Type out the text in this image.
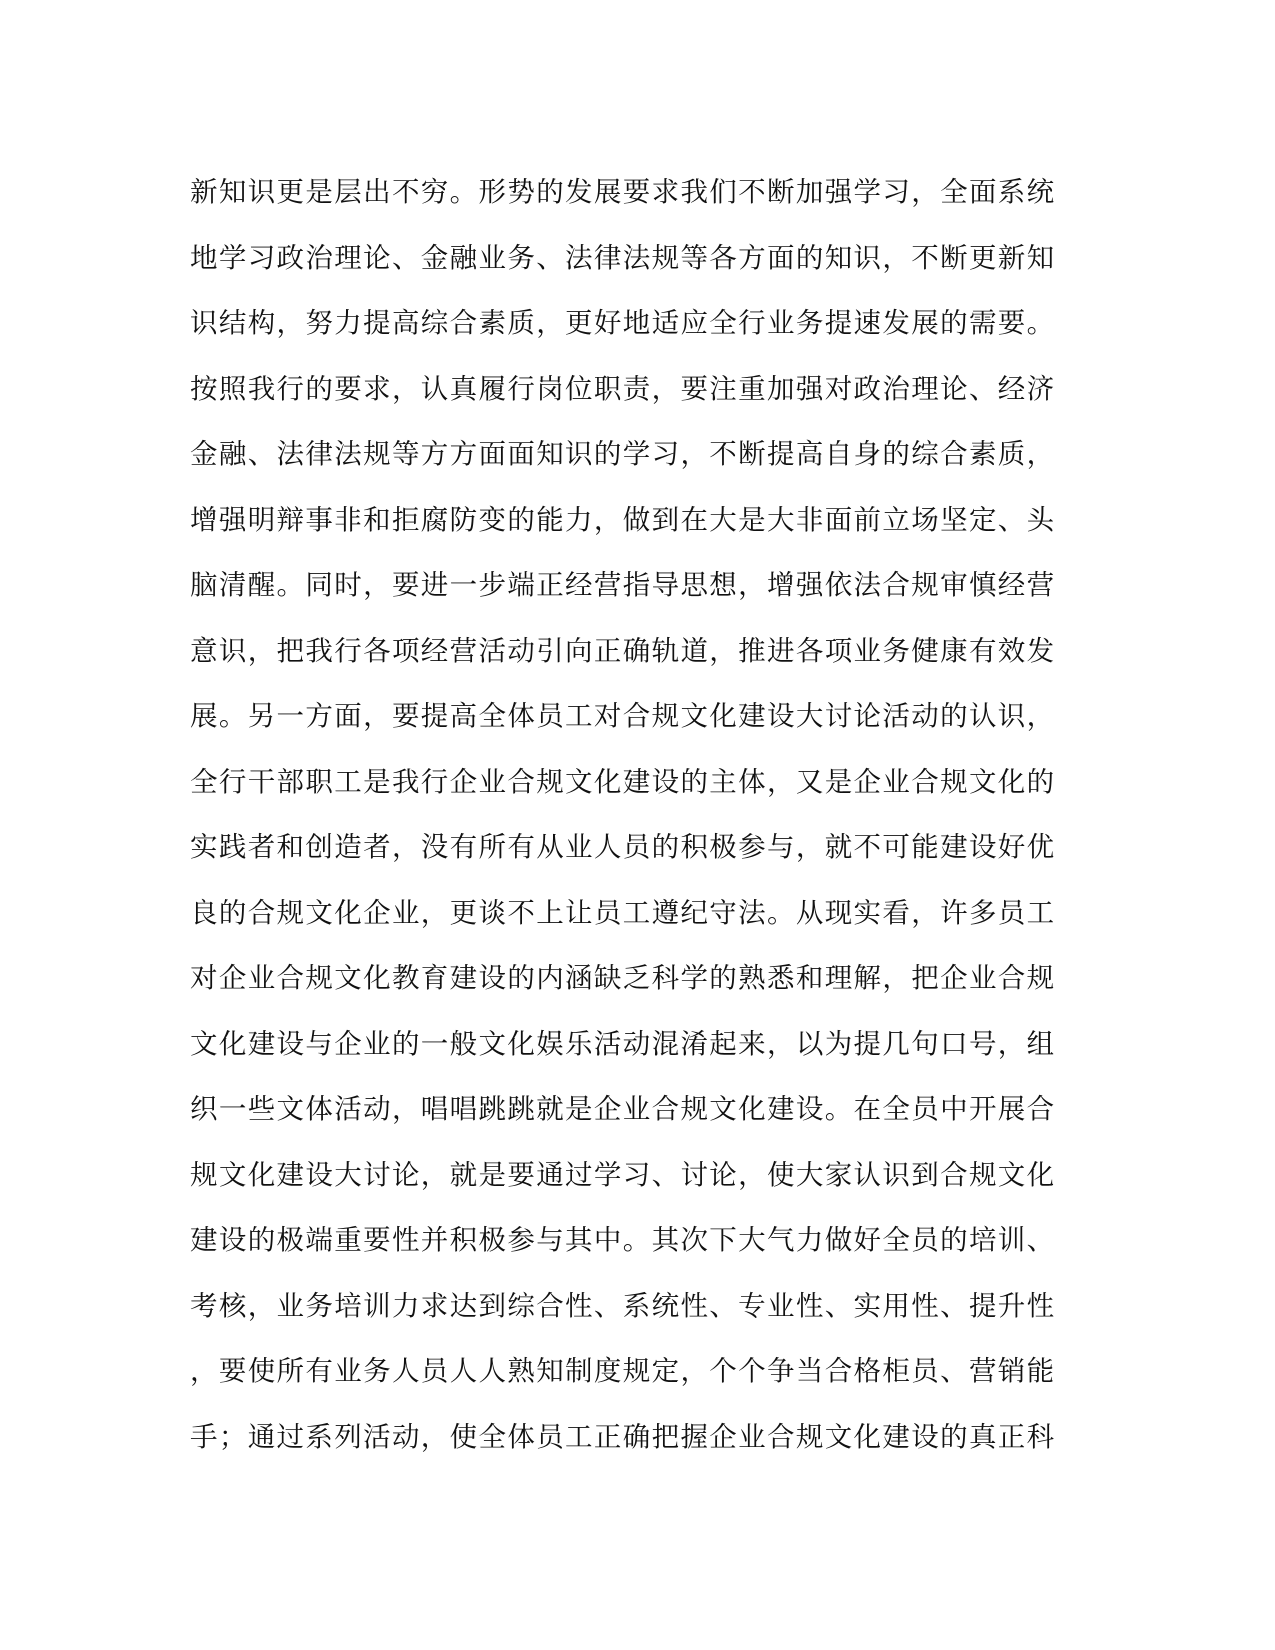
新知识更是层出不穷。形势的发展要求我们不断加强学习，全面系统
地学习政治理论、金融业务、法律法规等各方面的知识，不断更新知
识结构，努力提高综合素质，更好地适应全行业务提速发展的需要。
按照我行的要求，认真履行岗位职责，要注重加强对政治理论、经济
金融、法律法规等方方面面知识的学习，不断提高自身的综合素质，
增强明辩事非和拒腐防变的能力，做到在大是大非面前立场坚定、头
脑清醒。同时，要进一步端正经营指导思想，增强依法合规审慎经营
意识，把我行各项经营活动引向正确轨道，推进各项业务健康有效发
展。另一方面，要提高全体员工对合规文化建设大讨论活动的认识，
全行干部职工是我行企业合规文化建设的主体，又是企业合规文化的
实践者和创造者，没有所有从业人员的积极参与，就不可能建设好优
良的合规文化企业，更谈不上让员工遵纪守法。从现实看，许多员工
对企业合规文化教育建设的内涵缺乏科学的熟悉和理解，把企业合规
文化建设与企业的一般文化娱乐活动混淆起来，以为提几句口号，组
织一些文体活动，唱唱跳跳就是企业合规文化建设。在全员中开展合
规文化建设大讨论，就是要通过学习、讨论，使大家认识到合规文化
建设的极端重要性并积极参与其中。其次下大气力做好全员的培训、
考核，业务培训力求达到综合性、系统性、专业性、实用性、提升性
，要使所有业务人员人人熟知制度规定，个个争当合格柜员、营销能
手；通过系列活动，使全体员工正确把握企业合规文化建设的真正科
